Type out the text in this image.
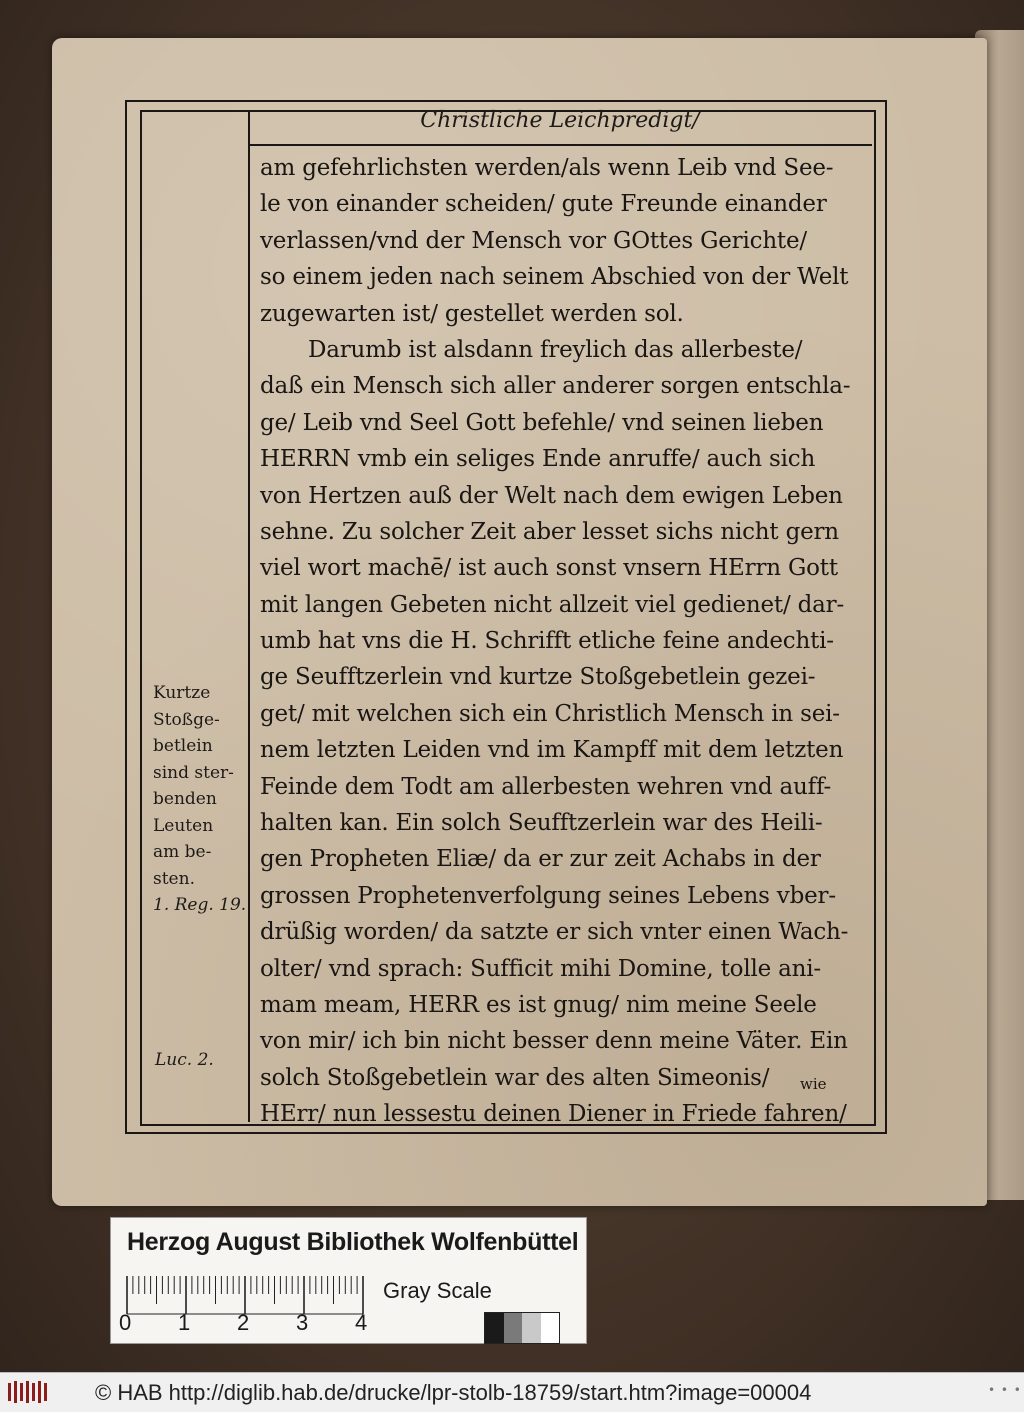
Christliche Leichpredigt/
am gefehrlichsten werden/als wenn Leib vnd See-
le von einander scheiden/ gute Freunde einander
verlassen/vnd der Mensch vor GOttes Gerichte/
so einem jeden nach seinem Abschied von der Welt
zugewarten ist/ gestellet werden sol.
Darumb ist alsdann freylich das allerbeste/
daß ein Mensch sich aller anderer sorgen entschla-
ge/ Leib vnd Seel Gott befehle/ vnd seinen lieben
HERRN vmb ein seliges Ende anruffe/ auch sich
von Hertzen auß der Welt nach dem ewigen Leben
sehne. Zu solcher Zeit aber lesset sichs nicht gern
viel wort machē/ ist auch sonst vnsern HErrn Gott
mit langen Gebeten nicht allzeit viel gedienet/ dar-
umb hat vns die H. Schrifft etliche feine andechti-
ge Seufftzerlein vnd kurtze Stoßgebetlein gezei-
get/ mit welchen sich ein Christlich Mensch in sei-
nem letzten Leiden vnd im Kampff mit dem letzten
Feinde dem Todt am allerbesten wehren vnd auff-
halten kan. Ein solch Seufftzerlein war des Heili-
gen Propheten Eliæ/ da er zur zeit Achabs in der
grossen Prophetenverfolgung seines Lebens vber-
drüßig worden/ da satzte er sich vnter einen Wach-
olter/ vnd sprach: Sufficit mihi Domine, tolle ani-
mam meam, HERR es ist gnug/ nim meine Seele
von mir/ ich bin nicht besser denn meine Väter. Ein
solch Stoßgebetlein war des alten Simeonis/
HErr/ nun lessestu deinen Diener in Friede fahren/
Kurtze
Stoßge-
betlein
sind ster-
benden
Leuten
am be-
sten.
1. Reg. 19.
Luc. 2.
wie
Herzog August Bibliothek Wolfenbüttel
0 1 2 3 4
Gray Scale
© HAB http://diglib.hab.de/drucke/lpr-stolb-18759/start.htm?image=00004	• • •
